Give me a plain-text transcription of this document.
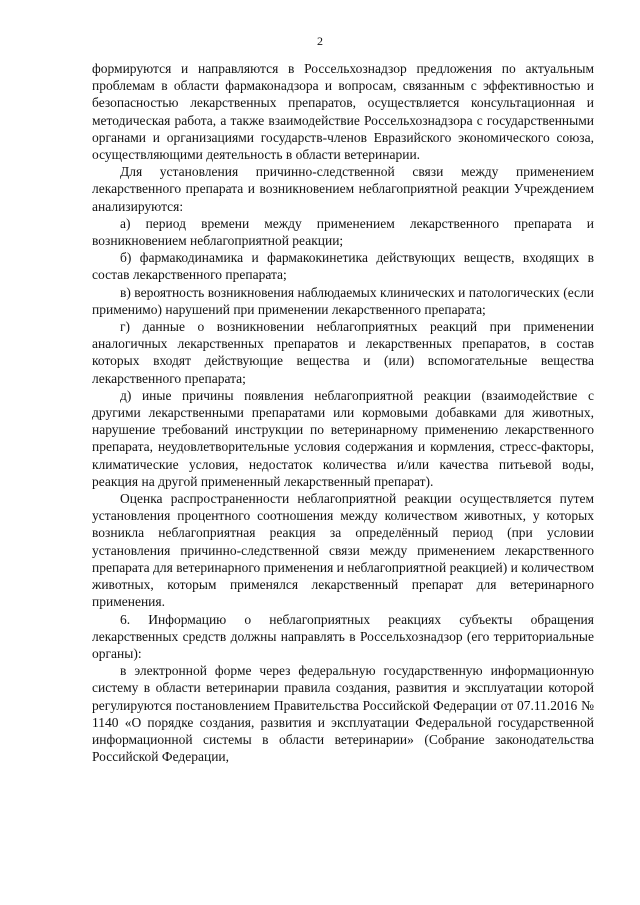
2

формируются и направляются в Россельхознадзор предложения по актуальным проблемам в области фармаконадзора и вопросам, связанным с эффективностью и безопасностью лекарственных препаратов, осуществляется консультационная и методическая работа, а также взаимодействие Россельхознадзора с государственными органами и организациями государств-членов Евразийского экономического союза, осуществляющими деятельность в области ветеринарии.

Для установления причинно-следственной связи между применением лекарственного препарата и возникновением неблагоприятной реакции Учреждением анализируются:

а) период времени между применением лекарственного препарата и возникновением неблагоприятной реакции;

б) фармакодинамика и фармакокинетика действующих веществ, входящих в состав лекарственного препарата;

в) вероятность возникновения наблюдаемых клинических и патологических (если применимо) нарушений при применении лекарственного препарата;

г) данные о возникновении неблагоприятных реакций при применении аналогичных лекарственных препаратов и лекарственных препаратов, в состав которых входят действующие вещества и (или) вспомогательные вещества лекарственного препарата;

д) иные причины появления неблагоприятной реакции (взаимодействие с другими лекарственными препаратами или кормовыми добавками для животных, нарушение требований инструкции по ветеринарному применению лекарственного препарата, неудовлетворительные условия содержания и кормления, стресс-факторы, климатические условия, недостаток количества и/или качества питьевой воды, реакция на другой примененный лекарственный препарат).

Оценка распространенности неблагоприятной реакции осуществляется путем установления процентного соотношения между количеством животных, у которых возникла неблагоприятная реакция за определённый период (при условии установления причинно-следственной связи между применением лекарственного препарата для ветеринарного применения и неблагоприятной реакцией) и количеством животных, которым применялся лекарственный препарат для ветеринарного применения.

6. Информацию о неблагоприятных реакциях субъекты обращения лекарственных средств должны направлять в Россельхознадзор (его территориальные органы):

в электронной форме через федеральную государственную информационную систему в области ветеринарии правила создания, развития и эксплуатации которой регулируются постановлением Правительства Российской Федерации от 07.11.2016 № 1140 «О порядке создания, развития и эксплуатации Федеральной государственной информационной системы в области ветеринарии» (Собрание законодательства Российской Федерации,
